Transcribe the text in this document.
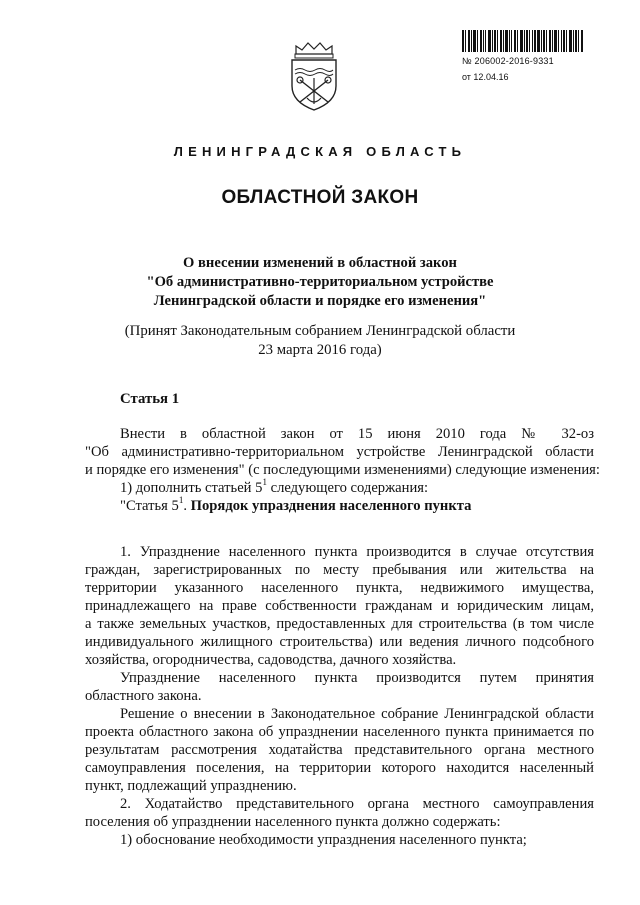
№ 206002-2016-9331
от 12.04.16
ЛЕНИНГРАДСКАЯ ОБЛАСТЬ
ОБЛАСТНОЙ ЗАКОН
О внесении изменений в областной закон
"Об административно-территориальном устройстве
Ленинградской области и порядке его изменения"
(Принят Законодательным собранием Ленинградской области
23 марта 2016 года)
Статья 1
Внести в областной закон от 15 июня 2010 года № 32-оз
"Об административно-территориальном устройстве Ленинградской области
и порядке его изменения" (с последующими изменениями) следующие изменения:
1) дополнить статьей $5^1$ следующего содержания:
"Статья $5^1$. Порядок упразднения населенного пункта
1. Упразднение населенного пункта производится в случае отсутствия
граждан, зарегистрированных по месту пребывания или жительства на
территории указанного населенного пункта, недвижимого имущества,
принадлежащего на праве собственности гражданам и юридическим лицам,
а также земельных участков, предоставленных для строительства (в том числе
индивидуального жилищного строительства) или ведения личного подсобного
хозяйства, огородничества, садоводства, дачного хозяйства.
Упразднение населенного пункта производится путем принятия
областного закона.
Решение о внесении в Законодательное собрание Ленинградской области
проекта областного закона об упразднении населенного пункта принимается по
результатам рассмотрения ходатайства представительного органа местного
самоуправления поселения, на территории которого находится населенный
пункт, подлежащий упразднению.
2. Ходатайство представительного органа местного самоуправления
поселения об упразднении населенного пункта должно содержать:
1) обоснование необходимости упразднения населенного пункта;
